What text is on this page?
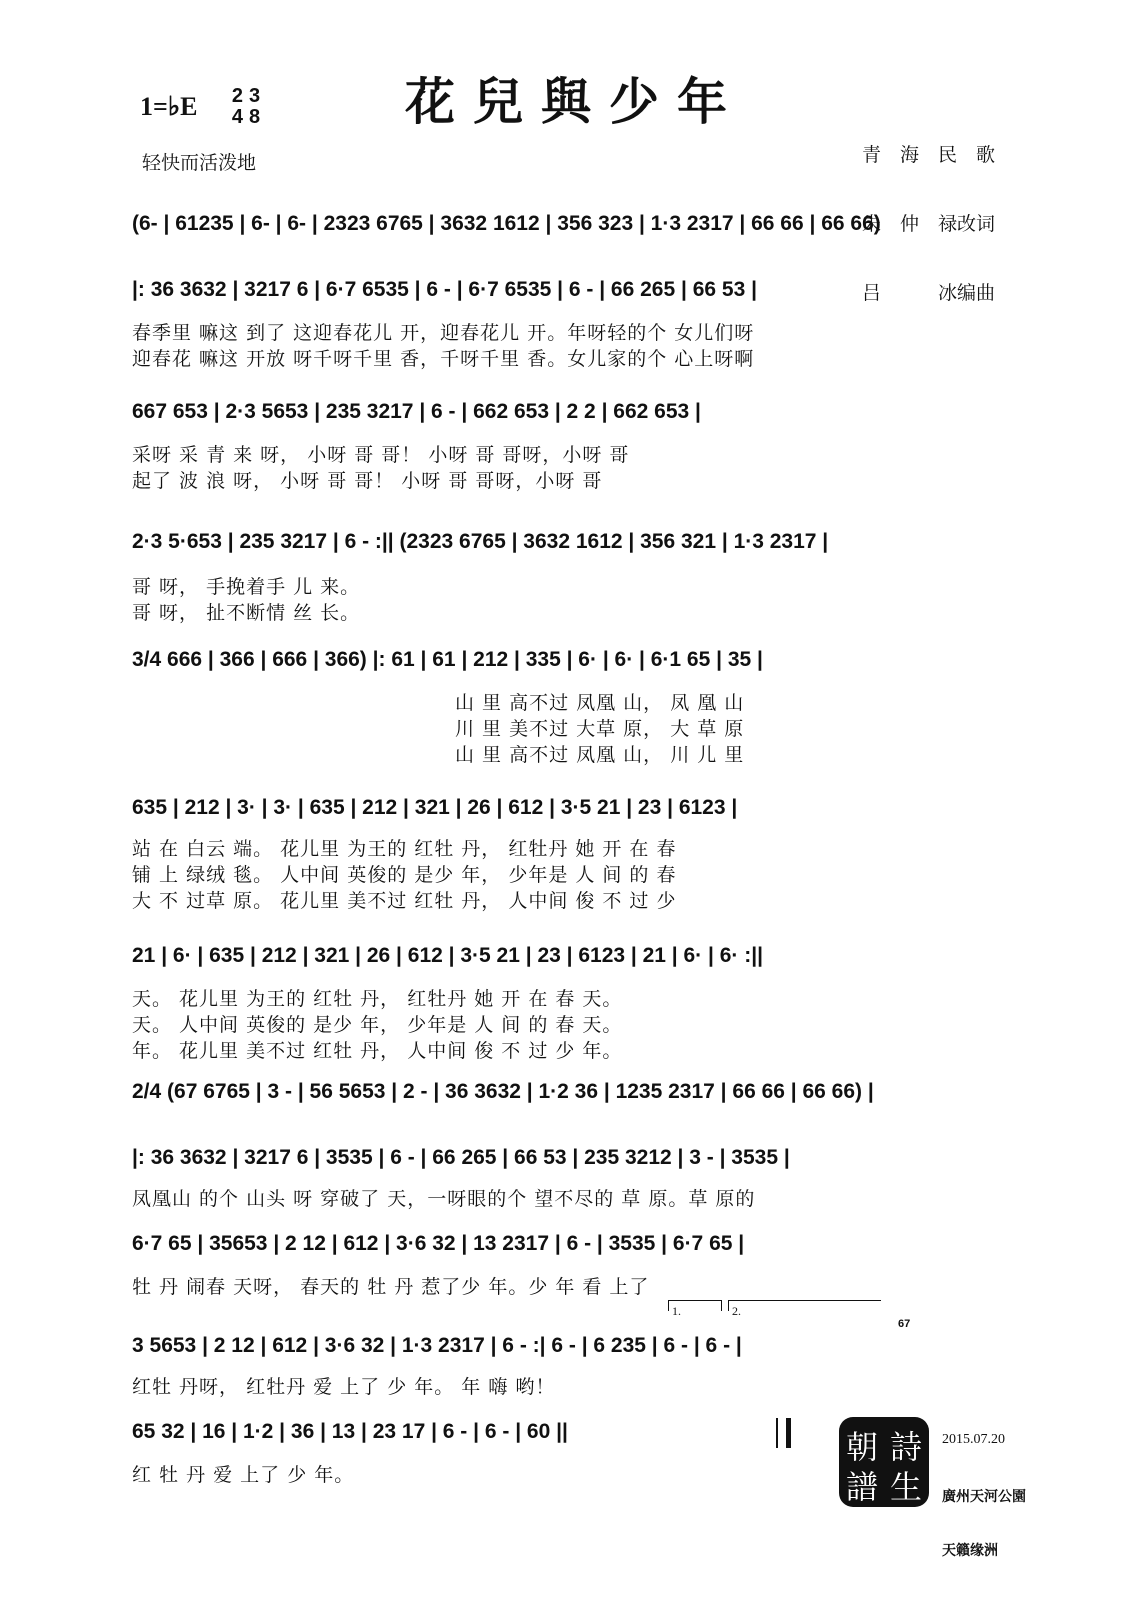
花兒與少年
1=♭E 23
48
轻快而活泼地

	青　海　民　歌

朱　仲　禄改词

吕　　　冰编曲

(6- | 61235 | 6- | 6- | 2323 6765 | 3632 1612 | 356 323 | 1·3 2317 | 66 66 | 66 66)
|: 36 3632 | 3217 6 | 6·7 6535 | 6 - | 6·7 6535 | 6 - | 66 265 | 66 53 |
春季里 嘛这 到了 这迎春花儿 开，迎春花儿 开。年呀轻的个 女儿们呀
迎春花 嘛这 开放 呀千呀千里 香，千呀千里 香。女儿家的个 心上呀啊
667 653 | 2·3 5653 | 235 3217 | 6 - | 662 653 | 2 2 | 662 653 |
采呀 采 青 来 呀， 小呀 哥 哥！ 小呀 哥 哥呀，小呀 哥
起了 波 浪 呀， 小呀 哥 哥！ 小呀 哥 哥呀，小呀 哥
2·3 5·653 | 235 3217 | 6 - :|| (2323 6765 | 3632 1612 | 356 321 | 1·3 2317 |
哥 呀， 手挽着手 儿 来。
哥 呀， 扯不断情 丝 长。
3/4 666 | 366 | 666 | 366) |: 61 | 61 | 212 | 335 | 6· | 6· | 6·1 65 | 35 |
山 里 高不过 凤凰 山， 凤 凰 山
川 里 美不过 大草 原， 大 草 原
山 里 高不过 凤凰 山， 川 儿 里
635 | 212 | 3· | 3· | 635 | 212 | 321 | 26 | 612 | 3·5 21 | 23 | 6123 |
站 在 白云 端。 花儿里 为王的 红牡 丹， 红牡丹 她 开 在 春
铺 上 绿绒 毯。 人中间 英俊的 是少 年， 少年是 人 间 的 春
大 不 过草 原。 花儿里 美不过 红牡 丹， 人中间 俊 不 过 少
21 | 6· | 635 | 212 | 321 | 26 | 612 | 3·5 21 | 23 | 6123 | 21 | 6· | 6· :||
天。 花儿里 为王的 红牡 丹， 红牡丹 她 开 在 春 天。
天。 人中间 英俊的 是少 年， 少年是 人 间 的 春 天。
年。 花儿里 美不过 红牡 丹， 人中间 俊 不 过 少 年。
2/4 (67 6765 | 3 - | 56 5653 | 2 - | 36 3632 | 1·2 36 | 1235 2317 | 66 66 | 66 66) |
|: 36 3632 | 3217 6 | 3535 | 6 - | 66 265 | 66 53 | 235 3212 | 3 - | 3535 |
凤凰山 的个 山头 呀 穿破了 天，一呀眼的个 望不尽的 草 原。草 原的
6·7 65 | 35653 | 2 12 | 612 | 3·6 32 | 13 2317 | 6 - | 3535 | 6·7 65 |
牡 丹 闹春 天呀， 春天的 牡 丹 惹了少 年。少 年 看 上了
1.	2.
67
3 5653 | 2 12 | 612 | 3·6 32 | 1·3 2317 | 6 - :| 6 - | 6 235 | 6 - | 6 - |
红牡 丹呀， 红牡丹 爱 上了 少 年。 年 嗨 哟！
65 32 | 16 | 1·2 | 36 | 13 | 23 17 | 6 - | 6 - | 60 ||
红 牡 丹 爱 上了 少 年。
朝 詩
譜 生
2015.07.20

廣州天河公園

天籟缘洲
